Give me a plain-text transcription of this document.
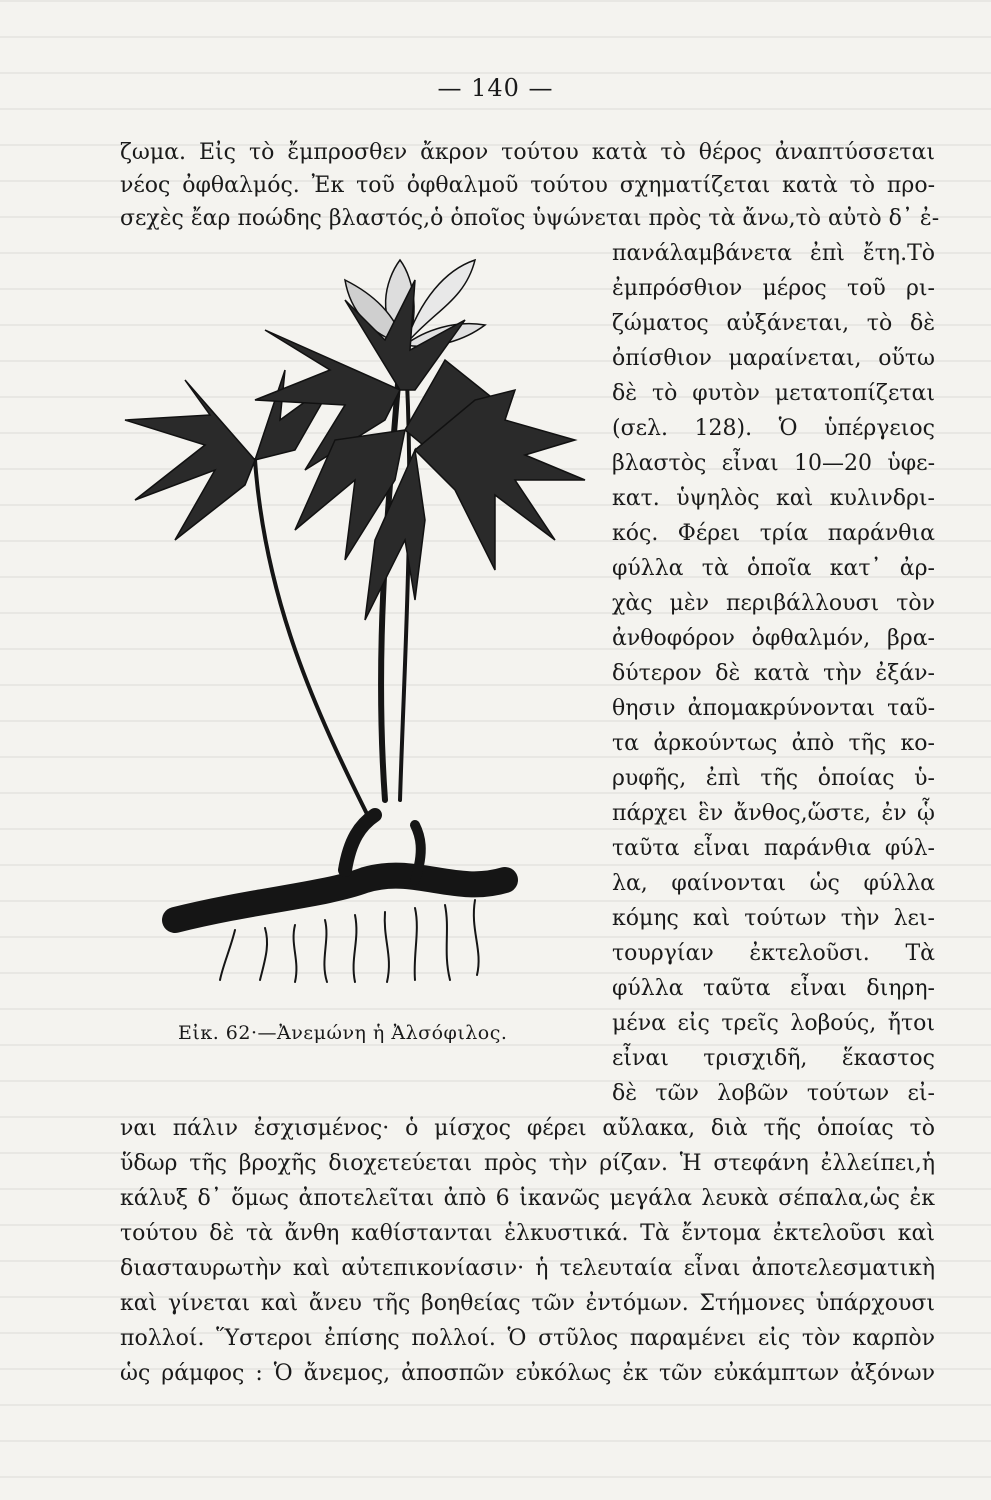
— 140 —
ζωμα. Εἰς τὸ ἔμπροσθεν ἄκρον τούτου κατὰ τὸ θέρος ἀναπτύσσεται
νέος ὀφθαλμός. Ἐκ τοῦ ὀφθαλμοῦ τούτου σχηματίζεται κατὰ τὸ προ-
σεχὲς ἔαρ ποώδης βλαστός,ὁ ὁποῖος ὑψώνεται πρὸς τὰ ἄνω,τὸ αὐτὸ δ᾽ ἐ-
πανάλαμβάνετα ἐπὶ ἔτη.Τὸ
ἐμπρόσθιον μέρος τοῦ ρι-
ζώματος αὐξάνεται, τὸ δὲ
ὀπίσθιον μαραίνεται, οὕτω
δὲ τὸ φυτὸν μετατοπίζεται
(σελ. 128). Ὁ ὑπέργειος
βλαστὸς εἶναι 10—20 ὑφε-
κατ. ὑψηλὸς καὶ κυλινδρι-
κός. Φέρει τρία παράνθια
φύλλα τὰ ὁποῖα κατ᾽ ἀρ-
χὰς μὲν περιβάλλουσι τὸν
ἀνθοφόρον ὀφθαλμόν, βρα-
δύτερον δὲ κατὰ τὴν ἐξάν-
θησιν ἀπομακρύνονται ταῦ-
τα ἀρκούντως ἀπὸ τῆς κο-
ρυφῆς, ἐπὶ τῆς ὁποίας ὑ-
πάρχει ἓν ἄνθος,ὥστε, ἐν ᾧ
ταῦτα εἶναι παράνθια φύλ-
λα, φαίνονται ὡς φύλλα
κόμης καὶ τούτων τὴν λει-
τουργίαν ἐκτελοῦσι. Τὰ
φύλλα ταῦτα εἶναι διηρη-
μένα εἰς τρεῖς λοβούς, ἤτοι
εἶναι τρισχιδῆ, ἕκαστος
δὲ τῶν λοβῶν τούτων εἰ-
Εἰκ. 62·—Ἀνεμώνη ἡ Ἀλσόφιλος.
ναι πάλιν ἐσχισμένος· ὁ μίσχος φέρει αὔλακα, διὰ τῆς ὁποίας τὸ
ὕδωρ τῆς βροχῆς διοχετεύεται πρὸς τὴν ρίζαν. Ἡ στεφάνη ἐλλείπει,ἡ
κάλυξ δ᾽ ὅμως ἀποτελεῖται ἀπὸ 6 ἱκανῶς μεγάλα λευκὰ σέπαλα,ὡς ἐκ
τούτου δὲ τὰ ἄνθη καθίστανται ἑλκυστικά. Τὰ ἔντομα ἐκτελοῦσι καὶ
διασταυρωτὴν καὶ αὐτεπικονίασιν· ἡ τελευταία εἶναι ἀποτελεσματικὴ
καὶ γίνεται καὶ ἄνευ τῆς βοηθείας τῶν ἐντόμων. Στήμονες ὑπάρχουσι
πολλοί. Ὕστεροι ἐπίσης πολλοί. Ὁ στῦλος παραμένει εἰς τὸν καρπὸν
ὡς ράμφος : Ὁ ἄνεμος, ἀποσπῶν εὐκόλως ἐκ τῶν εὐκάμπτων ἀξόνων
